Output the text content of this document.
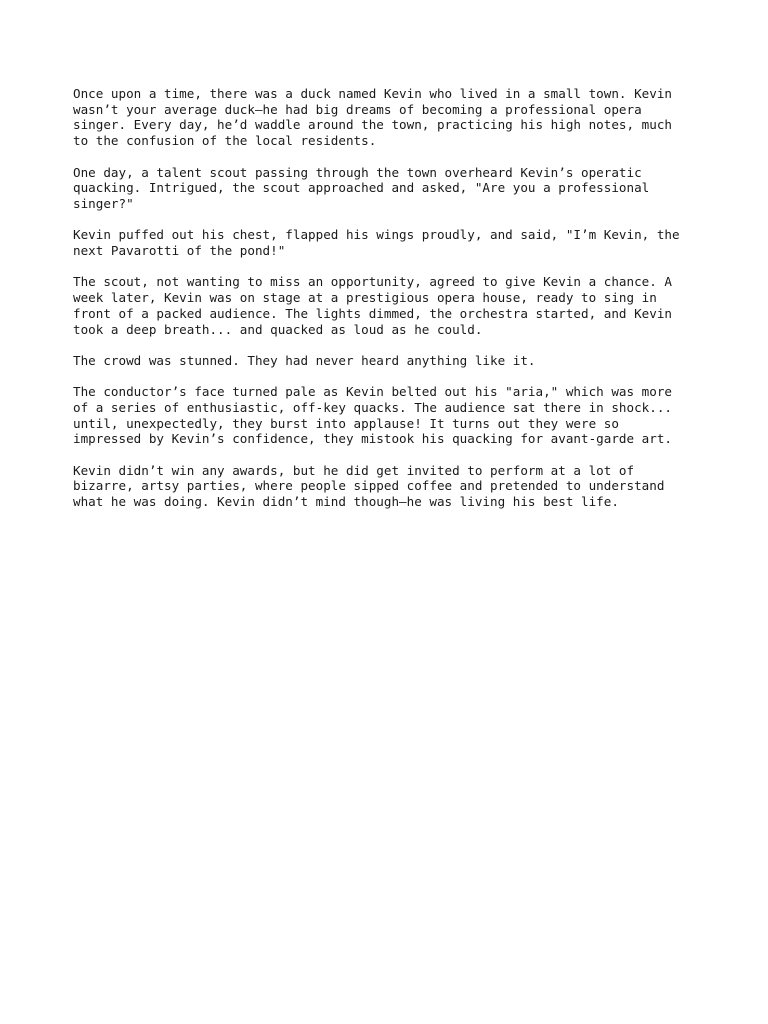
Once upon a time, there was a duck named Kevin who lived in a small town. Kevin
wasn’t your average duck—he had big dreams of becoming a professional opera
singer. Every day, he’d waddle around the town, practicing his high notes, much
to the confusion of the local residents.

One day, a talent scout passing through the town overheard Kevin’s operatic
quacking. Intrigued, the scout approached and asked, "Are you a professional
singer?"

Kevin puffed out his chest, flapped his wings proudly, and said, "I’m Kevin, the
next Pavarotti of the pond!"

The scout, not wanting to miss an opportunity, agreed to give Kevin a chance. A
week later, Kevin was on stage at a prestigious opera house, ready to sing in
front of a packed audience. The lights dimmed, the orchestra started, and Kevin
took a deep breath... and quacked as loud as he could.

The crowd was stunned. They had never heard anything like it.

The conductor’s face turned pale as Kevin belted out his "aria," which was more
of a series of enthusiastic, off-key quacks. The audience sat there in shock...
until, unexpectedly, they burst into applause! It turns out they were so
impressed by Kevin’s confidence, they mistook his quacking for avant-garde art.

Kevin didn’t win any awards, but he did get invited to perform at a lot of
bizarre, artsy parties, where people sipped coffee and pretended to understand
what he was doing. Kevin didn’t mind though—he was living his best life.
